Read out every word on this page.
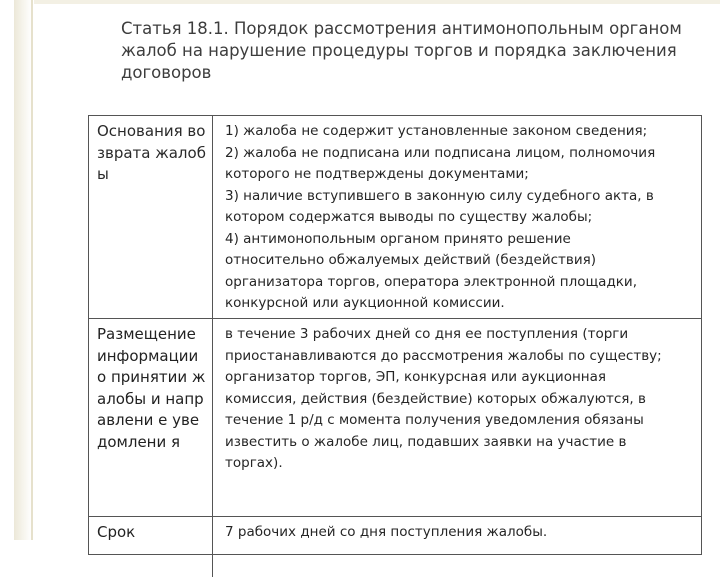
Статья 18.1. Порядок рассмотрения антимонопольным органом жалоб на нарушение процедуры торгов и порядка заключения договоров
Основания возврата жалобы
1) жалоба не содержит установленные законом сведения;
2) жалоба не подписана или подписана лицом, полномочия
которого не подтверждены документами;
3) наличие вступившего в законную силу судебного акта, в
котором содержатся выводы по существу жалобы;
4) антимонопольным органом принято решение
относительно обжалуемых действий (бездействия)
организатора торгов, оператора электронной площадки,
конкурсной или аукционной комиссии.
Размещение информации о принятии жалобы и направлени е уведомлени я
в течение 3 рабочих дней со дня ее поступления (торги
приостанавливаются до рассмотрения жалобы по существу;
организатор торгов, ЭП, конкурсная или аукционная
комиссия, действия (бездействие) которых обжалуются, в
течение 1 р/д с момента получения уведомления обязаны
известить о жалобе лиц, подавших заявки на участие в
торгах).
Срок	7 рабочих дней со дня поступления жалобы.
